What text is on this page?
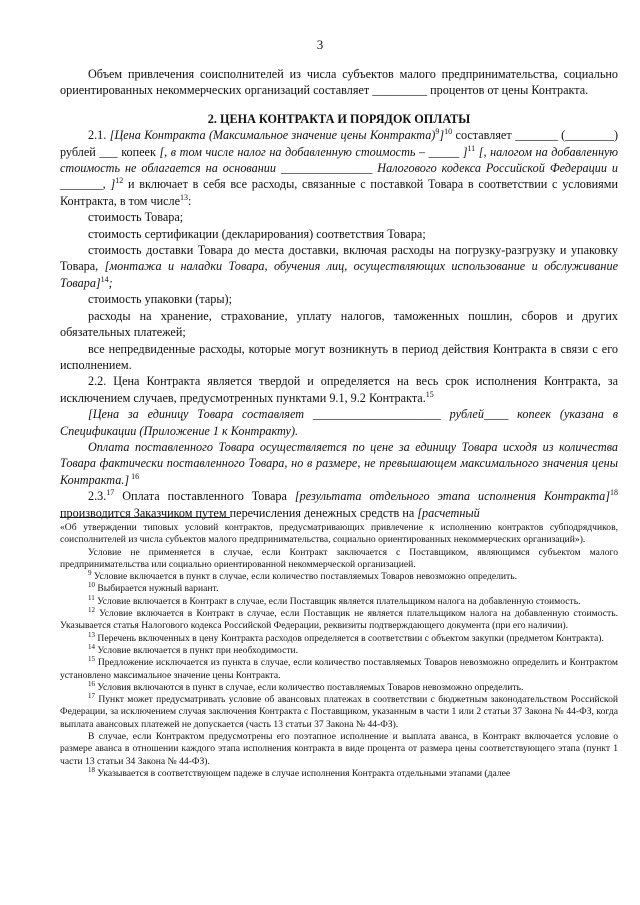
3

Объем привлечения соисполнителей из числа субъектов малого предпринимательства, социально ориентированных некоммерческих организаций составляет _________ процентов от цены Контракта.

2. ЦЕНА КОНТРАКТА И ПОРЯДОК ОПЛАТЫ

2.1. [Цена Контракта (Максимальное значение цены Контракта)$^9$]$^{10}$ составляет _______ (________) рублей ___ копеек [, в том числе налог на добавленную стоимость – _____ ]$^{11}$ [, налогом на добавленную стоимость не облагается на основании _______________ Налогового кодекса Российской Федерации и _______, ]$^{12}$ и включает в себя все расходы, связанные с поставкой Товара в соответствии с условиями Контракта, в том числе$^{13}$:

стоимость Товара;

стоимость сертификации (декларирования) соответствия Товара;

стоимость доставки Товара до места доставки, включая расходы на погрузку-разгрузку и упаковку Товара, [монтажа и наладки Товара, обучения лиц, осуществляющих использование и обслуживание Товара]$^{14}$;

стоимость упаковки (тары);

расходы на хранение, страхование, уплату налогов, таможенных пошлин, сборов и других обязательных платежей;

все непредвиденные расходы, которые могут возникнуть в период действия Контракта в связи с его исполнением.

2.2. Цена Контракта является твердой и определяется на весь срок исполнения Контракта, за исключением случаев, предусмотренных пунктами 9.1, 9.2 Контракта.$^{15}$

[Цена за единицу Товара составляет _____________________ рублей____ копеек (указана в Спецификации (Приложение 1 к Контракту).

Оплата поставленного Товара осуществляется по цене за единицу Товара исходя из количества Товара фактически поставленного Товара, но в размере, не превышающем максимального значения цены Контракта.] $^{16}$

2.3.17 Оплата поставленного Товара [результата отдельного этапа исполнения Контракта]$^{18}$ производится Заказчиком путем перечисления денежных средств на [расчетный

«Об утверждении типовых условий контрактов, предусматривающих привлечение к исполнению контрактов субподрядчиков, соисполнителей из числа субъектов малого предпринимательства, социально ориентированных некоммерческих организаций»).

Условие не применяется в случае, если Контракт заключается с Поставщиком, являющимся субъектом малого предпринимательства или социально ориентированной некоммерческой организацией.

$^9$ Условие включается в пункт в случае, если количество поставляемых Товаров невозможно определить.

$^{10}$ Выбирается нужный вариант.

$^{11}$ Условие включается в Контракт в случае, если Поставщик является плательщиком налога на добавленную стоимость.

$^{12}$ Условие включается в Контракт в случае, если Поставщик не является плательщиком налога на добавленную стоимость. Указывается статья Налогового кодекса Российской Федерации, реквизиты подтверждающего документа (при его наличии).

$^{13}$ Перечень включенных в цену Контракта расходов определяется в соответствии с объектом закупки (предметом Контракта).

$^{14}$ Условие включается в пункт при необходимости.

$^{15}$ Предложение исключается из пункта в случае, если количество поставляемых Товаров невозможно определить и Контрактом установлено максимальное значение цены Контракта.

$^{16}$ Условия включаются в пункт в случае, если количество поставляемых Товаров невозможно определить.

$^{17}$ Пункт может предусматривать условие об авансовых платежах в соответствии с бюджетным законодательством Российской Федерации, за исключением случая заключения Контракта с Поставщиком, указанным в части 1 или 2 статьи 37 Закона № 44-ФЗ, когда выплата авансовых платежей не допускается (часть 13 статьи 37 Закона № 44-ФЗ).

В случае, если Контрактом предусмотрены его поэтапное исполнение и выплата аванса, в Контракт включается условие о размере аванса в отношении каждого этапа исполнения контракта в виде процента от размера цены соответствующего этапа (пункт 1 части 13 статьи 34 Закона № 44-ФЗ).

$^{18}$ Указывается в соответствующем падеже в случае исполнения Контракта отдельными этапами (далее
